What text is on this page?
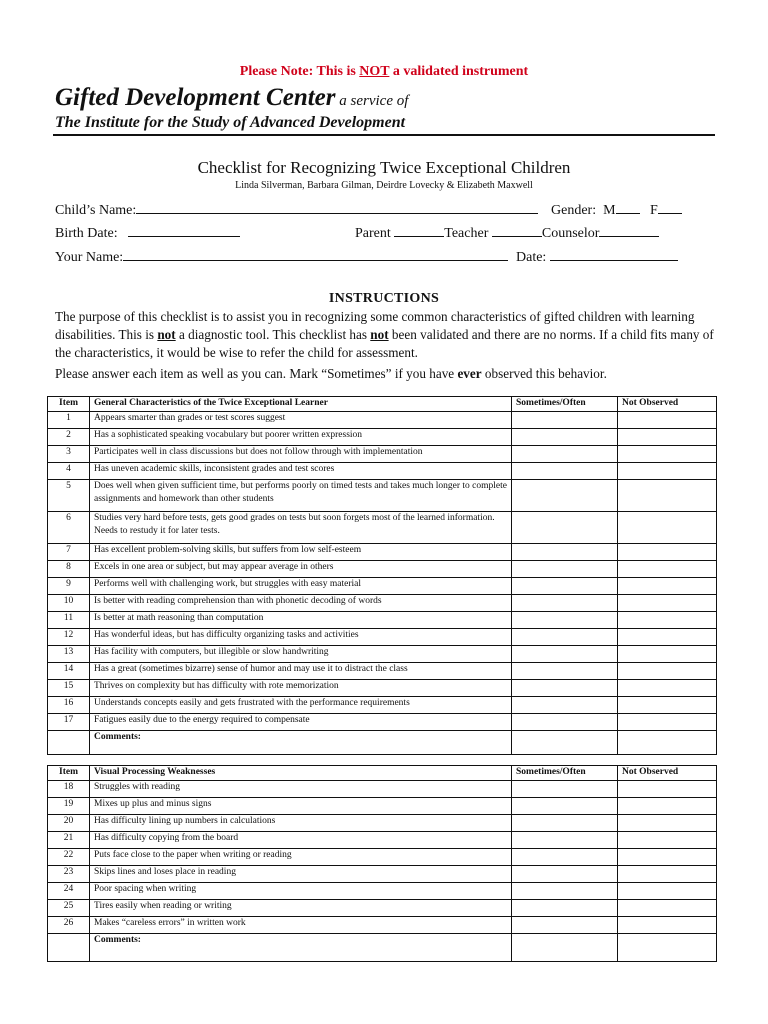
Please Note: This is NOT a validated instrument
Gifted Development Center a service of
The Institute for the Study of Advanced Development
Checklist for Recognizing Twice Exceptional Children
Linda Silverman, Barbara Gilman, Deirdre Lovecky & Elizabeth Maxwell
Child’s Name:	Gender: M F
Birth Date:	Parent	Teacher	Counselor
Your Name:	Date:
INSTRUCTIONS
The purpose of this checklist is to assist you in recognizing some common characteristics of gifted children with learning disabilities. This is not a diagnostic tool. This checklist has not been validated and there are no norms. If a child fits many of the characteristics, it would be wise to refer the child for assessment.
Please answer each item as well as you can. Mark “Sometimes” if you have ever observed this behavior.
Item	General Characteristics of the Twice Exceptional Learner	Sometimes/Often	Not Observed
1	Appears smarter than grades or test scores suggest		
2	Has a sophisticated speaking vocabulary but poorer written expression		
3	Participates well in class discussions but does not follow through with implementation		
4	Has uneven academic skills, inconsistent grades and test scores		
5	Does well when given sufficient time, but performs poorly on timed tests and takes much longer to complete assignments and homework than other students		
6	Studies very hard before tests, gets good grades on tests but soon forgets most of the learned information. Needs to restudy it for later tests.		
7	Has excellent problem-solving skills, but suffers from low self-esteem		
8	Excels in one area or subject, but may appear average in others		
9	Performs well with challenging work, but struggles with easy material		
10	Is better with reading comprehension than with phonetic decoding of words		
11	Is better at math reasoning than computation		
12	Has wonderful ideas, but has difficulty organizing tasks and activities		
13	Has facility with computers, but illegible or slow handwriting		
14	Has a great (sometimes bizarre) sense of humor and may use it to distract the class		
15	Thrives on complexity but has difficulty with rote memorization		
16	Understands concepts easily and gets frustrated with the performance requirements		
17	Fatigues easily due to the energy required to compensate		
	Comments:		
Item	Visual Processing Weaknesses	Sometimes/Often	Not Observed
18	Struggles with reading		
19	Mixes up plus and minus signs		
20	Has difficulty lining up numbers in calculations		
21	Has difficulty copying from the board		
22	Puts face close to the paper when writing or reading		
23	Skips lines and loses place in reading		
24	Poor spacing when writing		
25	Tires easily when reading or writing		
26	Makes “careless errors” in written work		
	Comments:		
